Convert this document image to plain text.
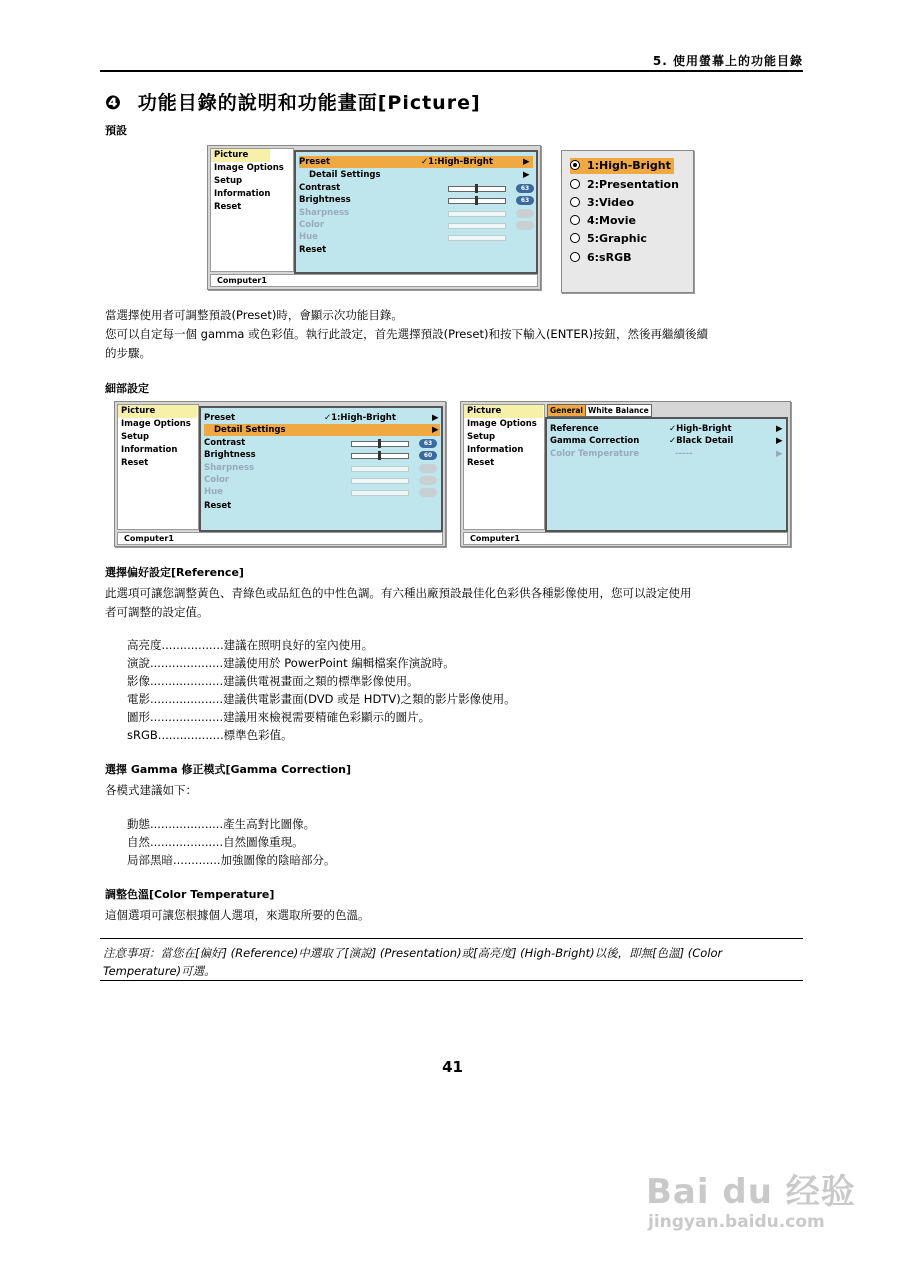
5. 使用螢幕上的功能目錄
❹ 功能目錄的說明和功能畫面[Picture]
預設
Picture
Image Options
Setup
Information
Reset
Preset	✓1:High-Bright	▶
Detail Settings	▶
Contrast	63
Brightness	63
Sharpness
Color
Hue
Reset
Computer1
1:High-Bright
2:Presentation
3:Video
4:Movie
5:Graphic
6:sRGB
當選擇使用者可調整預設(Preset)時，會顯示次功能目錄。
您可以自定每一個 gamma 或色彩值。執行此設定，首先選擇預設(Preset)和按下輸入(ENTER)按鈕，然後再繼續後續
的步驟。
細部設定
Picture
Image Options
Setup
Information
Reset
Preset	✓1:High-Bright	▶
Detail Settings	▶
Contrast	63
Brightness	60
Sharpness
Color
Hue
Reset
Computer1
Picture
Image Options
Setup
Information
Reset
General White Balance
Reference	✓High-Bright	▶
Gamma Correction	✓Black Detail	▶
Color Temperature	-----	▶
Computer1
選擇偏好設定[Reference]
此選項可讓您調整黃色、青綠色或品紅色的中性色調。有六種出廠預設最佳化色彩供各種影像使用，您可以設定使用
者可調整的設定值。
高亮度.................建議在照明良好的室內使用。
演說....................建議使用於 PowerPoint 編輯檔案作演說時。
影像....................建議供電視畫面之類的標準影像使用。
電影....................建議供電影畫面(DVD 或是 HDTV)之類的影片影像使用。
圖形....................建議用來檢視需要精確色彩顯示的圖片。
sRGB..................標準色彩值。
選擇 Gamma 修正模式[Gamma Correction]
各模式建議如下：
動態....................產生高對比圖像。
自然....................自然圖像重現。
局部黑暗.............加強圖像的陰暗部分。
調整色溫[Color Temperature]
這個選項可讓您根據個人選項，來選取所要的色溫。
注意事項：當您在[偏好] (Reference)中選取了[演說] (Presentation)或[高亮度] (High-Bright)以後，即無[色溫] (Color
Temperature)可選。
41
Bai du 经验
jingyan.baidu.com
